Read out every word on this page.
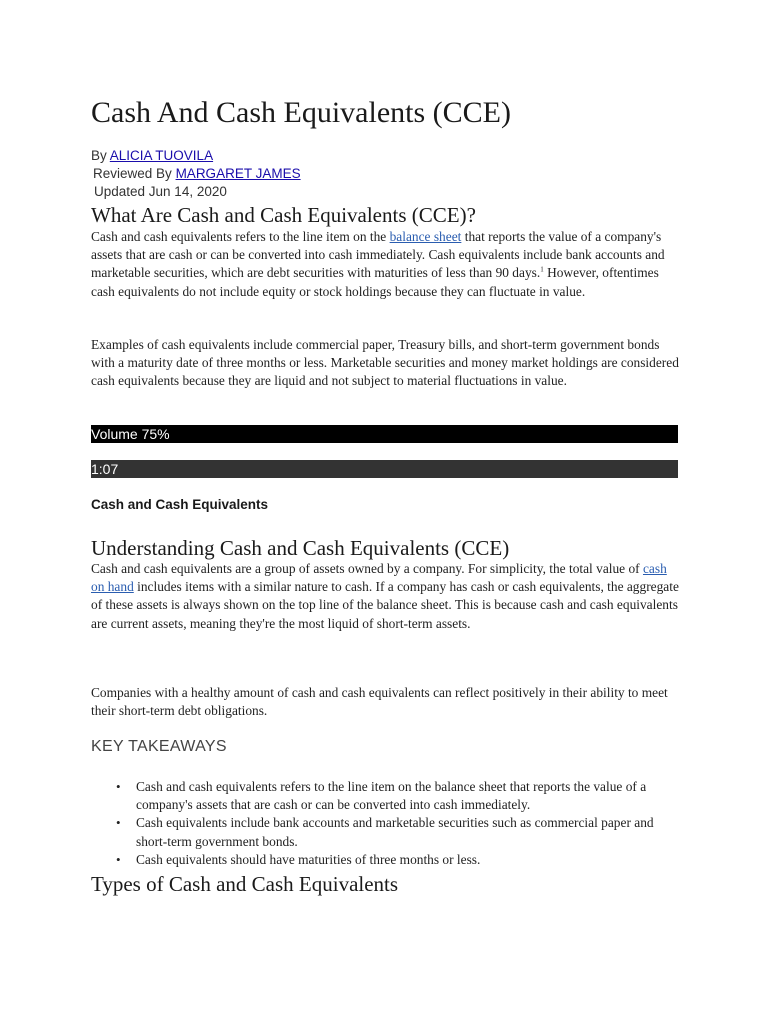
Cash And Cash Equivalents (CCE)
By ALICIA TUOVILA
Reviewed By MARGARET JAMES
Updated Jun 14, 2020
What Are Cash and Cash Equivalents (CCE)?

Cash and cash equivalents refers to the line item on the balance sheet that reports the value of a company's assets that are cash or can be converted into cash immediately. Cash equivalents include bank accounts and marketable securities, which are debt securities with maturities of less than 90 days.$^1$ However, oftentimes cash equivalents do not include equity or stock holdings because they can fluctuate in value.

Examples of cash equivalents include commercial paper, Treasury bills, and short-term government bonds with a maturity date of three months or less. Marketable securities and money market holdings are considered cash equivalents because they are liquid and not subject to material fluctuations in value.

Volume 75%
1:07
Cash and Cash Equivalents
Understanding Cash and Cash Equivalents (CCE)

Cash and cash equivalents are a group of assets owned by a company. For simplicity, the total value of cash on hand includes items with a similar nature to cash. If a company has cash or cash equivalents, the aggregate of these assets is always shown on the top line of the balance sheet. This is because cash and cash equivalents are current assets, meaning they're the most liquid of short-term assets.

Companies with a healthy amount of cash and cash equivalents can reflect positively in their ability to meet their short-term debt obligations.

KEY TAKEAWAYS
• Cash and cash equivalents refers to the line item on the balance sheet that reports the value of a company's assets that are cash or can be converted into cash immediately.
• Cash equivalents include bank accounts and marketable securities such as commercial paper and short-term government bonds.
• Cash equivalents should have maturities of three months or less.
Types of Cash and Cash Equivalents
